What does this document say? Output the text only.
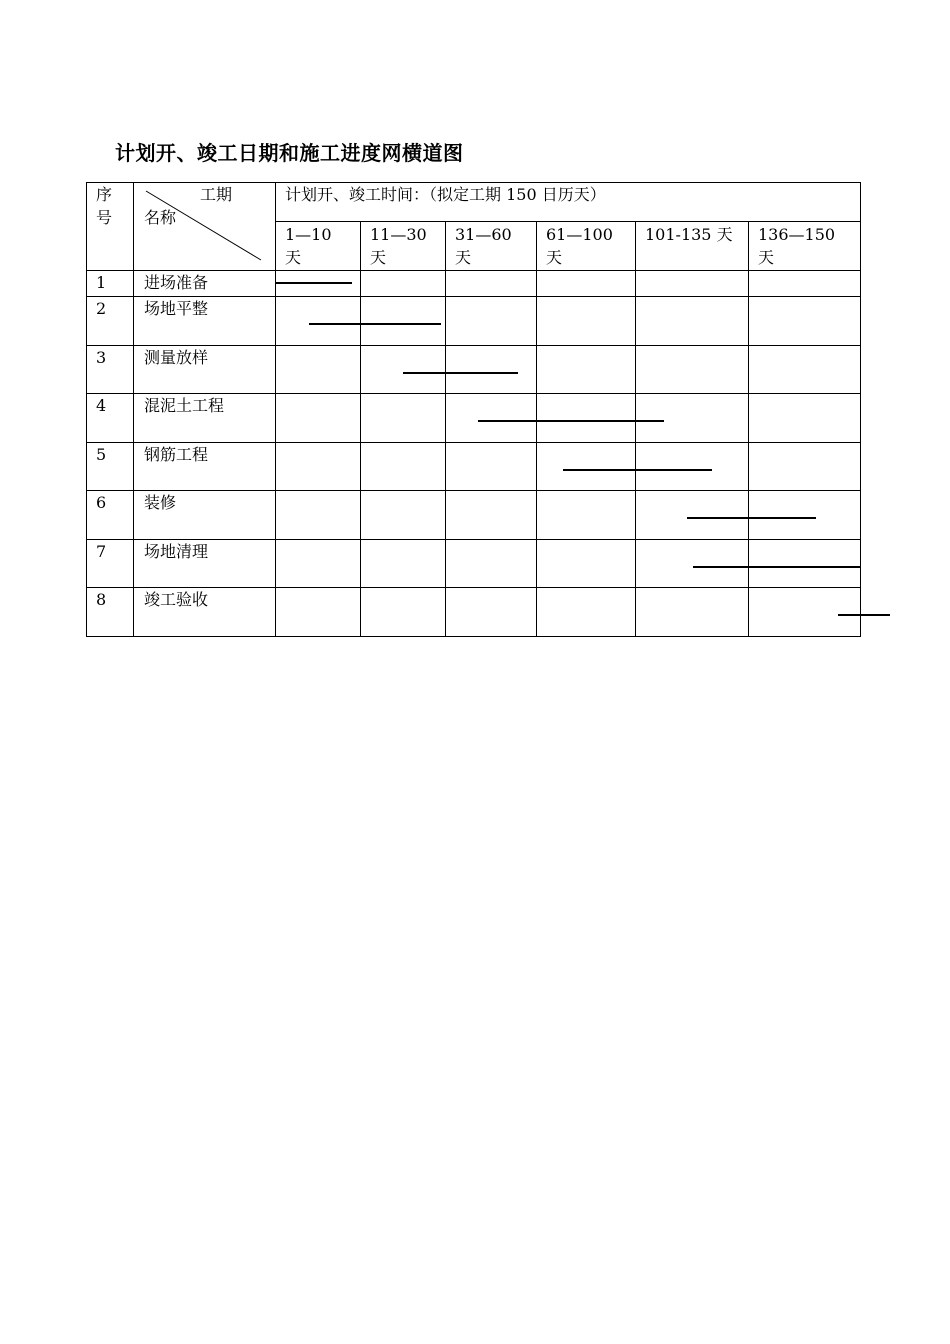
计划开、竣工日期和施工进度网横道图
序
号
工期
名称
计划开、竣工时间：（拟定工期 150 日历天）
1—10
天
11—30
天
31—60
天
61—100
天
101-135 天 136—150
天
1 进场准备
2 场地平整
3 测量放样
4 混泥土工程
5 钢筋工程
6 装修
7 场地清理
8 竣工验收
